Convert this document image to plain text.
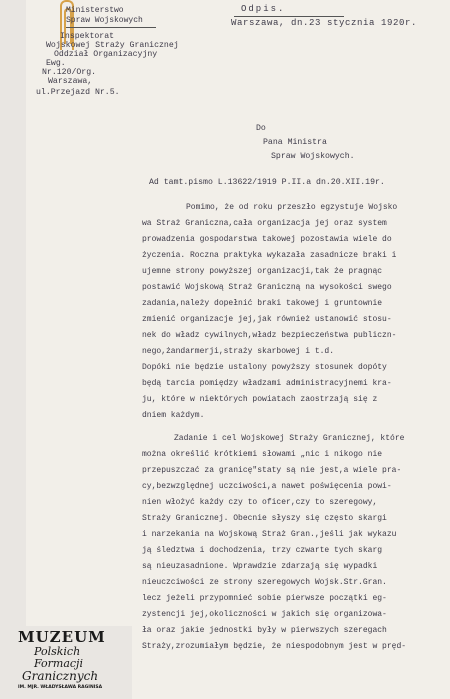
Odpis.
Warszawa, dn.23 stycznia 1920r.
Ministerstwo
Spraw Wojskowych
Inspektorat
Wojskowej Straży Granicznej
Oddział Organizacyjny
Ewg.
Nr.120/Org.
Warszawa,
ul.Przejazd Nr.5.
Do
Pana Ministra
Spraw Wojskowych.
Ad tamt.pismo L.13622/1919 P.II.a dn.20.XII.19r.
Pomimo, że od roku przeszło egzystuje Wojsko
wa Straż Graniczna,cała organizacja jej oraz system
prowadzenia gospodarstwa takowej pozostawia wiele do
życzenia. Roczna praktyka wykazała zasadnicze braki i
ujemne strony powyższej organizacji,tak że pragnąc
postawić Wojskową Straż Graniczną na wysokości swego
zadania,należy dopełnić braki takowej i gruntownie
zmienić organizacje jej,jak również ustanowić stosu-
nek do władz cywilnych,władz bezpieczeństwa publiczn-
nego,żandarmerji,straży skarbowej i t.d.
Dopóki nie będzie ustalony powyższy stosunek dopóty
będą tarcia pomiędzy władzami administracyjnemi kra-
ju, które w niektórych powiatach zaostrzają się z
dniem każdym.
Zadanie i cel Wojskowej Straży Granicznej, które
można określić krótkiemi słowami „nic i nikogo nie
przepuszczać za granicę"staty są nie jest,a wiele pra-
cy,bezwzględnej uczciwości,a nawet poświęcenia powi-
nien włożyć każdy czy to oficer,czy to szeregowy,
Straży Granicznej. Obecnie słyszy się często skargi
i narzekania na Wojskową Straż Gran.,jeśli jak wykazu
ją śledztwa i dochodzenia, trzy czwarte tych skarg
są nieuzasadnione. Wprawdzie zdarzają się wypadki
nieuczciwości ze strony szeregowych Wojsk.Str.Gran.
lecz jeżeli przypomnieć sobie pierwsze początki eg-
zystencji jej,okoliczności w jakich się organizowa-
ła oraz jakie jednostki były w pierwszych szeregach
Straży,zrozumiałym będzie, że niespodobnym jest w pręd-
MUZEUM
Polskich
Formacji
Granicznych
IM. MJR. WŁADYSŁAWA RAGINISA
